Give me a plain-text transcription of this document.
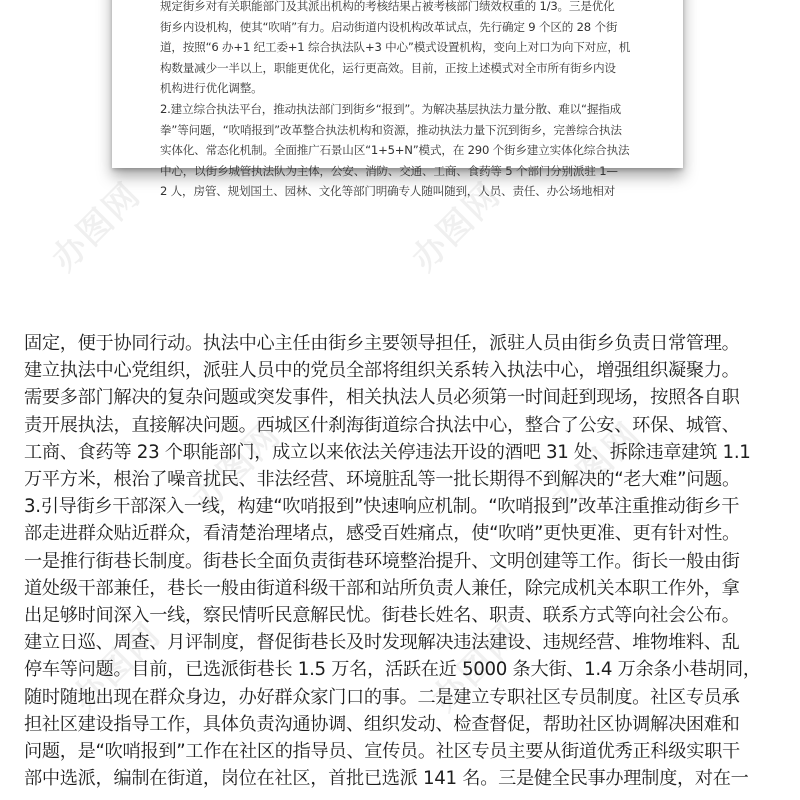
办图网	办图网
办图网	办图网
办图网	办图网
规定街乡对有关职能部门及其派出机构的考核结果占被考核部门绩效权重的 1/3。三是优化
街乡内设机构，使其“吹哨”有力。启动街道内设机构改革试点，先行确定 9 个区的 28 个街
道，按照“6 办+1 纪工委+1 综合执法队+3 中心”模式设置机构，变向上对口为向下对应，机
构数量减少一半以上，职能更优化，运行更高效。目前，正按上述模式对全市所有街乡内设
机构进行优化调整。
2.建立综合执法平台，推动执法部门到街乡“报到”。为解决基层执法力量分散、难以“握指成
拳”等问题，“吹哨报到”改革整合执法机构和资源，推动执法力量下沉到街乡，完善综合执法
实体化、常态化机制。全面推广石景山区“1+5+N”模式，在 290 个街乡建立实体化综合执法
中心，以街乡城管执法队为主体，公安、消防、交通、工商、食药等 5 个部门分别派驻 1—
2 人，房管、规划国土、园林、文化等部门明确专人随叫随到，人员、责任、办公场地相对
固定，便于协同行动。执法中心主任由街乡主要领导担任，派驻人员由街乡负责日常管理。
建立执法中心党组织，派驻人员中的党员全部将组织关系转入执法中心，增强组织凝聚力。
需要多部门解决的复杂问题或突发事件，相关执法人员必须第一时间赶到现场，按照各自职
责开展执法，直接解决问题。西城区什刹海街道综合执法中心，整合了公安、环保、城管、
工商、食药等 23 个职能部门，成立以来依法关停违法开设的酒吧 31 处、拆除违章建筑 1.1
万平方米，根治了噪音扰民、非法经营、环境脏乱等一批长期得不到解决的“老大难”问题。
3.引导街乡干部深入一线，构建“吹哨报到”快速响应机制。“吹哨报到”改革注重推动街乡干
部走进群众贴近群众，看清楚治理堵点，感受百姓痛点，使“吹哨”更快更准、更有针对性。
一是推行街巷长制度。街巷长全面负责街巷环境整治提升、文明创建等工作。街长一般由街
道处级干部兼任，巷长一般由街道科级干部和站所负责人兼任，除完成机关本职工作外，拿
出足够时间深入一线，察民情听民意解民忧。街巷长姓名、职责、联系方式等向社会公布。
建立日巡、周查、月评制度，督促街巷长及时发现解决违法建设、违规经营、堆物堆料、乱
停车等问题。目前，已选派街巷长 1.5 万名，活跃在近 5000 条大街、1.4 万余条小巷胡同，
随时随地出现在群众身边，办好群众家门口的事。二是建立专职社区专员制度。社区专员承
担社区建设指导工作，具体负责沟通协调、组织发动、检查督促，帮助社区协调解决困难和
问题，是“吹哨报到”工作在社区的指导员、宣传员。社区专员主要从街道优秀正科级实职干
部中选派，编制在街道，岗位在社区，首批已选派 141 名。三是健全民事办理制度，对在一
